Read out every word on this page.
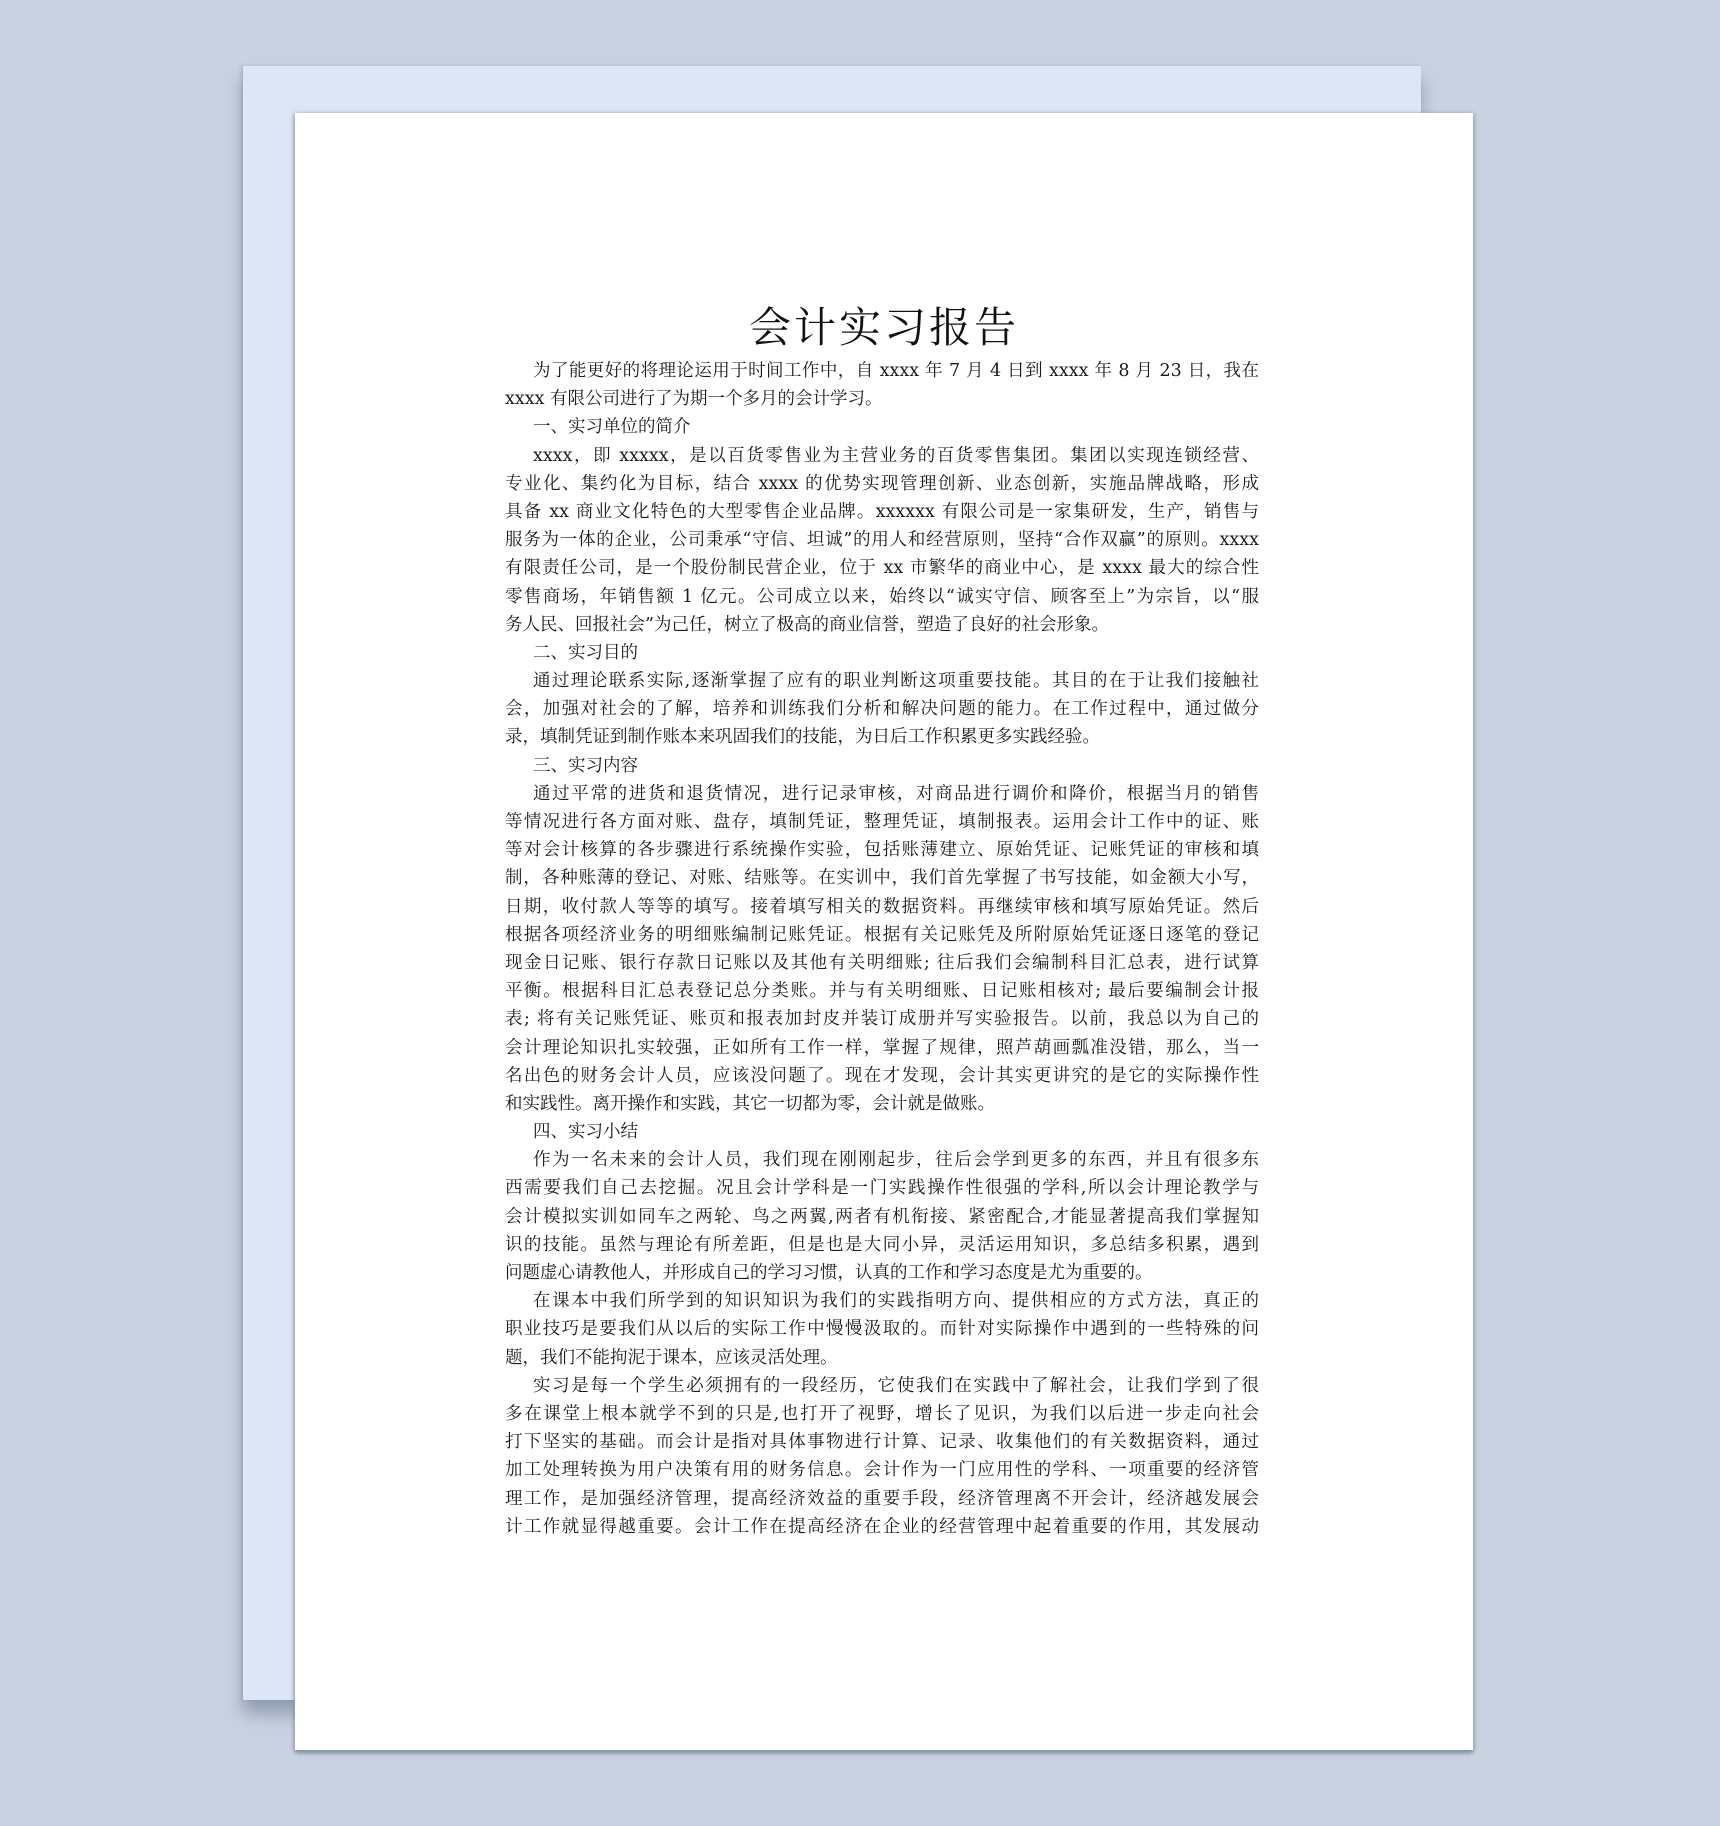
会计实习报告
为了能更好的将理论运用于时间工作中，自 xxxx 年 7 月 4 日到 xxxx 年 8 月 23 日，我在
xxxx 有限公司进行了为期一个多月的会计学习。
一、实习单位的简介
xxxx，即 xxxxx，是以百货零售业为主营业务的百货零售集团。集团以实现连锁经营、
专业化、集约化为目标，结合 xxxx 的优势实现管理创新、业态创新，实施品牌战略，形成
具备 xx 商业文化特色的大型零售企业品牌。xxxxxx 有限公司是一家集研发，生产，销售与
服务为一体的企业，公司秉承“守信、坦诚”的用人和经营原则，坚持“合作双赢”的原则。xxxx
有限责任公司，是一个股份制民营企业，位于 xx 市繁华的商业中心，是 xxxx 最大的综合性
零售商场，年销售额 1 亿元。公司成立以来，始终以“诚实守信、顾客至上”为宗旨，以“服
务人民、回报社会”为己任，树立了极高的商业信誉，塑造了良好的社会形象。
二、实习目的
通过理论联系实际,逐渐掌握了应有的职业判断这项重要技能。其目的在于让我们接触社
会，加强对社会的了解，培养和训练我们分析和解决问题的能力。在工作过程中，通过做分
录，填制凭证到制作账本来巩固我们的技能，为日后工作积累更多实践经验。
三、实习内容
通过平常的进货和退货情况，进行记录审核，对商品进行调价和降价，根据当月的销售
等情况进行各方面对账、盘存，填制凭证，整理凭证，填制报表。运用会计工作中的证、账
等对会计核算的各步骤进行系统操作实验，包括账薄建立、原始凭证、记账凭证的审核和填
制，各种账薄的登记、对账、结账等。在实训中，我们首先掌握了书写技能，如金额大小写，
日期，收付款人等等的填写。接着填写相关的数据资料。再继续审核和填写原始凭证。然后
根据各项经济业务的明细账编制记账凭证。根据有关记账凭及所附原始凭证逐日逐笔的登记
现金日记账、银行存款日记账以及其他有关明细账; 往后我们会编制科目汇总表，进行试算
平衡。根据科目汇总表登记总分类账。并与有关明细账、日记账相核对; 最后要编制会计报
表; 将有关记账凭证、账页和报表加封皮并装订成册并写实验报告。以前，我总以为自己的
会计理论知识扎实较强，正如所有工作一样，掌握了规律，照芦葫画瓢准没错，那么，当一
名出色的财务会计人员，应该没问题了。现在才发现，会计其实更讲究的是它的实际操作性
和实践性。离开操作和实践，其它一切都为零，会计就是做账。
四、实习小结
作为一名未来的会计人员，我们现在刚刚起步，往后会学到更多的东西，并且有很多东
西需要我们自己去挖掘。况且会计学科是一门实践操作性很强的学科,所以会计理论教学与
会计模拟实训如同车之两轮、鸟之两翼,两者有机衔接、紧密配合,才能显著提高我们掌握知
识的技能。虽然与理论有所差距，但是也是大同小异，灵活运用知识，多总结多积累，遇到
问题虚心请教他人，并形成自己的学习习惯，认真的工作和学习态度是尤为重要的。
在课本中我们所学到的知识知识为我们的实践指明方向、提供相应的方式方法，真正的
职业技巧是要我们从以后的实际工作中慢慢汲取的。而针对实际操作中遇到的一些特殊的问
题，我们不能拘泥于课本，应该灵活处理。
实习是每一个学生必须拥有的一段经历，它使我们在实践中了解社会，让我们学到了很
多在课堂上根本就学不到的只是,也打开了视野，增长了见识，为我们以后进一步走向社会
打下坚实的基础。而会计是指对具体事物进行计算、记录、收集他们的有关数据资料，通过
加工处理转换为用户决策有用的财务信息。会计作为一门应用性的学科、一项重要的经济管
理工作，是加强经济管理，提高经济效益的重要手段，经济管理离不开会计，经济越发展会
计工作就显得越重要。会计工作在提高经济在企业的经营管理中起着重要的作用，其发展动
